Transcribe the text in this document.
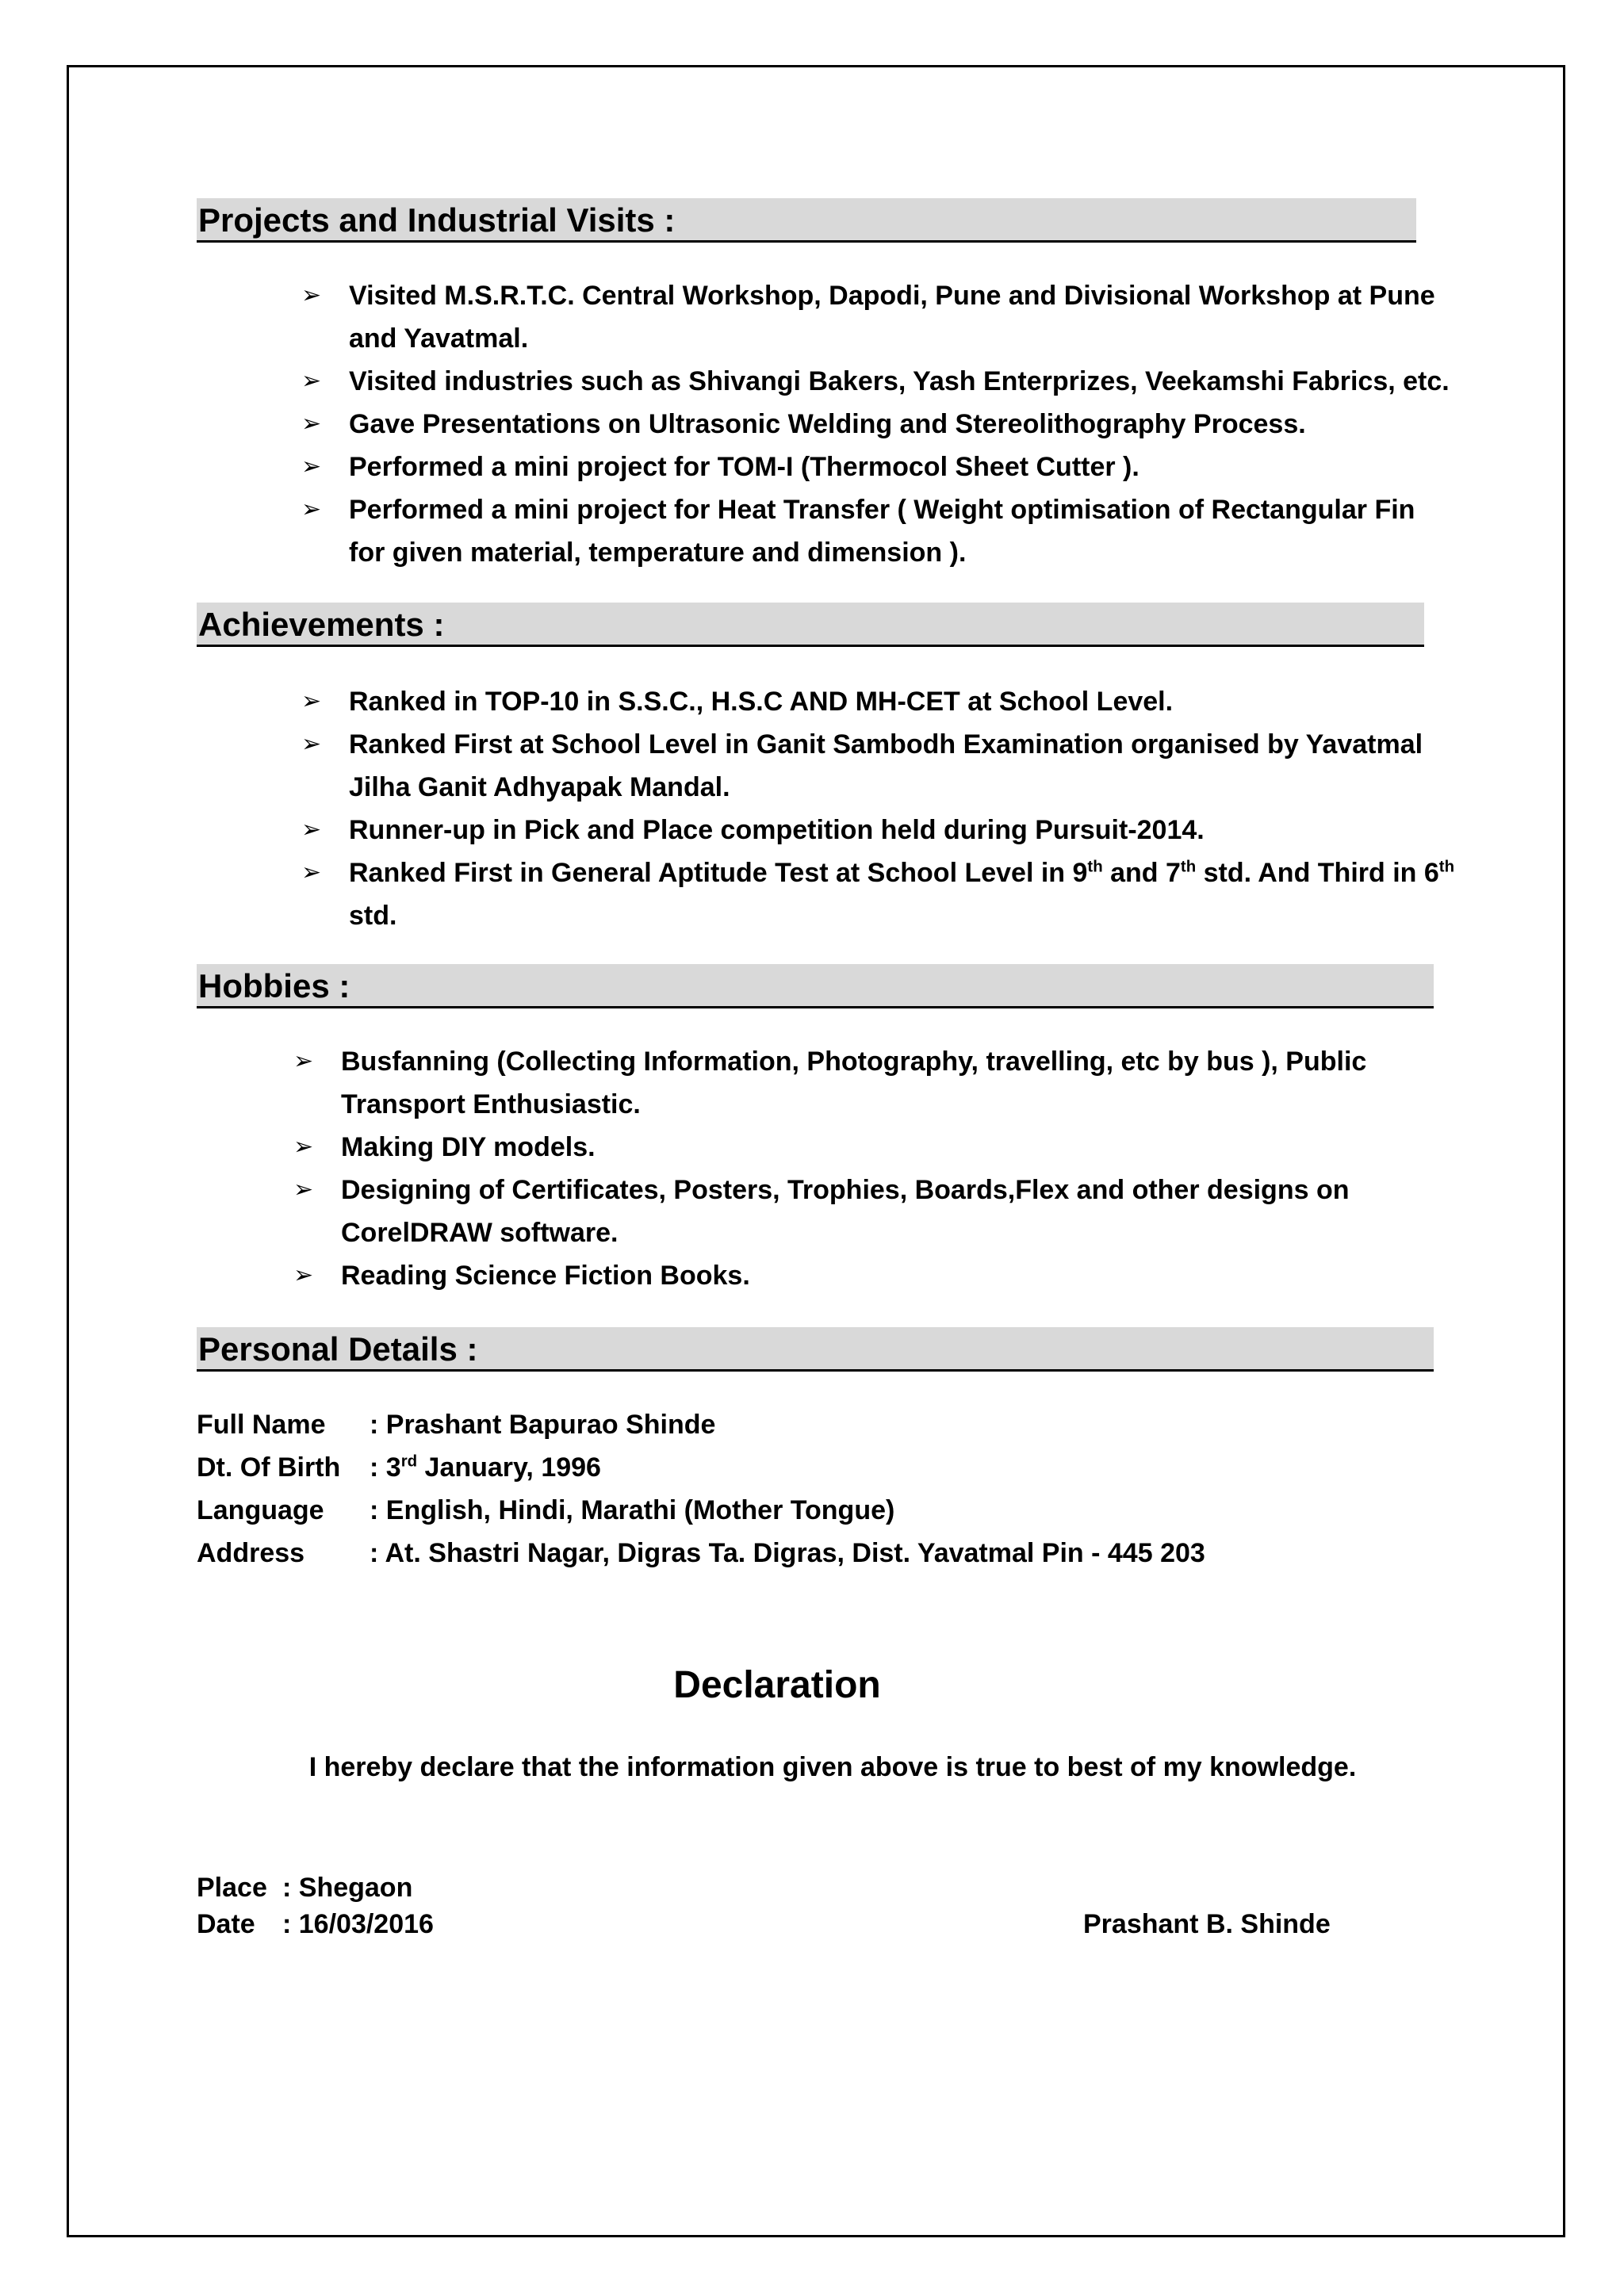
Projects and Industrial Visits :
➢ Visited M.S.R.T.C. Central Workshop, Dapodi, Pune and Divisional Workshop at Pune
and Yavatmal.
➢ Visited industries such as Shivangi Bakers, Yash Enterprizes, Veekamshi Fabrics, etc.
➢ Gave Presentations on Ultrasonic Welding and Stereolithography Process.
➢ Performed a mini project for TOM-I (Thermocol Sheet Cutter ).
➢ Performed a mini project for Heat Transfer ( Weight optimisation of Rectangular Fin
for given material, temperature and dimension ).
Achievements :
➢ Ranked in TOP-10 in S.S.C., H.S.C AND MH-CET at School Level.
➢ Ranked First at School Level in Ganit Sambodh Examination organised by Yavatmal
Jilha Ganit Adhyapak Mandal.
➢ Runner-up in Pick and Place competition held during Pursuit-2014.
➢ Ranked First in General Aptitude Test at School Level in 9th and 7th std. And Third in 6th
std.
Hobbies :
➢ Busfanning (Collecting Information, Photography, travelling, etc by bus ), Public
Transport Enthusiastic.
➢ Making DIY models.
➢ Designing of Certificates, Posters, Trophies, Boards,Flex and other designs on
CorelDRAW software.
➢ Reading Science Fiction Books.
Personal Details :
Full Name	: Prashant Bapurao Shinde
Dt. Of Birth	: 3rd January, 1996
Language	: English, Hindi, Marathi (Mother Tongue)
Address	: At. Shastri Nagar, Digras Ta. Digras, Dist. Yavatmal Pin - 445 203
Declaration
I hereby declare that the information given above is true to best of my knowledge.
Place : Shegaon
Date	: 16/03/2016	Prashant B. Shinde
